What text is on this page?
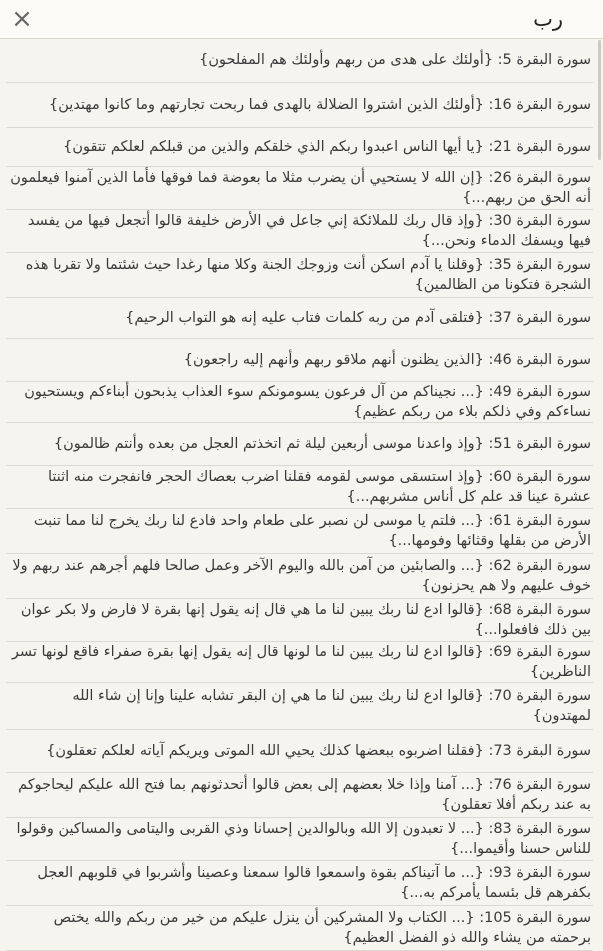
×	رب
سورة البقرة 5: {أولئك على هدى من ربهم وأولئك هم المفلحون}
سورة البقرة 16: {أولئك الذين اشتروا الضلالة بالهدى فما ربحت تجارتهم وما كانوا مهتدين}
سورة البقرة 21: {يا أيها الناس اعبدوا ربكم الذي خلقكم والذين من قبلكم لعلكم تتقون}
سورة البقرة 26: {إن الله لا يستحيي أن يضرب مثلا ما بعوضة فما فوقها فأما الذين آمنوا فيعلمون أنه الحق من ربهم...}
سورة البقرة 30: {وإذ قال ربك للملائكة إني جاعل في الأرض خليفة قالوا أتجعل فيها من يفسد فيها ويسفك الدماء ونحن...}
سورة البقرة 35: {وقلنا يا آدم اسكن أنت وزوجك الجنة وكلا منها رغدا حيث شئتما ولا تقربا هذه الشجرة فتكونا من الظالمين}
سورة البقرة 37: {فتلقى آدم من ربه كلمات فتاب عليه إنه هو التواب الرحيم}
سورة البقرة 46: {الذين يظنون أنهم ملاقو ربهم وأنهم إليه راجعون}
سورة البقرة 49: {... نجيناكم من آل فرعون يسومونكم سوء العذاب يذبحون أبناءكم ويستحيون نساءكم وفي ذلكم بلاء من ربكم عظيم}
سورة البقرة 51: {وإذ واعدنا موسى أربعين ليلة ثم اتخذتم العجل من بعده وأنتم ظالمون}
سورة البقرة 60: {وإذ استسقى موسى لقومه فقلنا اضرب بعصاك الحجر فانفجرت منه اثنتا عشرة عينا قد علم كل أناس مشربهم...}
سورة البقرة 61: {... فلتم يا موسى لن نصبر على طعام واحد فادع لنا ربك يخرج لنا مما تنبت الأرض من بقلها وقثائها وفومها...}
سورة البقرة 62: {... والصابئين من آمن بالله واليوم الآخر وعمل صالحا فلهم أجرهم عند ربهم ولا خوف عليهم ولا هم يحزنون}
سورة البقرة 68: {قالوا ادع لنا ربك يبين لنا ما هي قال إنه يقول إنها بقرة لا فارض ولا بكر عوان بين ذلك فافعلوا...}
سورة البقرة 69: {قالوا ادع لنا ربك يبين لنا ما لونها قال إنه يقول إنها بقرة صفراء فاقع لونها تسر الناظرين}
سورة البقرة 70: {قالوا ادع لنا ربك يبين لنا ما هي إن البقر تشابه علينا وإنا إن شاء الله لمهتدون}
سورة البقرة 73: {فقلنا اضربوه ببعضها كذلك يحيي الله الموتى ويريكم آياته لعلكم تعقلون}
سورة البقرة 76: {... آمنا وإذا خلا بعضهم إلى بعض قالوا أتحدثونهم بما فتح الله عليكم ليحاجوكم به عند ربكم أفلا تعقلون}
سورة البقرة 83: {... لا تعبدون إلا الله وبالوالدين إحسانا وذي القربى واليتامى والمساكين وقولوا للناس حسنا وأقيموا...}
سورة البقرة 93: {... ما آتيناكم بقوة واسمعوا قالوا سمعنا وعصينا وأشربوا في قلوبهم العجل بكفرهم قل بئسما يأمركم به...}
سورة البقرة 105: {... الكتاب ولا المشركين أن ينزل عليكم من خير من ربكم والله يختص برحمته من يشاء والله ذو الفضل العظيم}
